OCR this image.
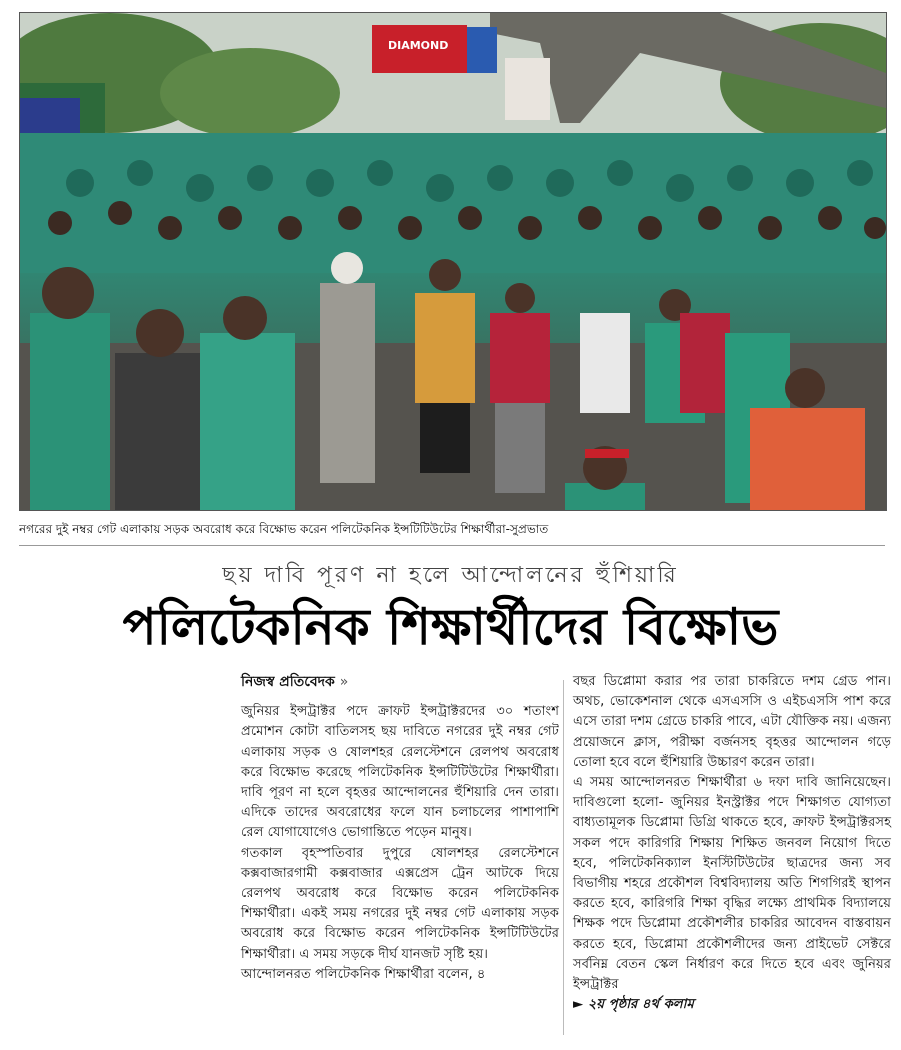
DIAMOND
নগরের দুই নম্বর গেট এলাকায় সড়ক অবরোধ করে বিক্ষোভ করেন পলিটেকনিক ইন্সটিটিউটের শিক্ষার্থীরা-সুপ্রভাত
ছয় দাবি পূরণ না হলে আন্দোলনের হুঁশিয়ারি
পলিটেকনিক শিক্ষার্থীদের বিক্ষোভ

নিজস্ব প্রতিবেদক »

জুনিয়র ইন্সট্রাক্টর পদে ক্রাফট ইন্সট্রাক্টরদের ৩০ শতাংশ প্রমোশন কোটা বাতিলসহ ছয় দাবিতে নগরের দুই নম্বর গেট এলাকায় সড়ক ও ষোলশহর রেলস্টেশনে রেলপথ অবরোধ করে বিক্ষোভ করেছে পলিটেকনিক ইন্সটিটিউটের শিক্ষার্থীরা। দাবি পূরণ না হলে বৃহত্তর আন্দোলনের হুঁশিয়ারি দেন তারা। এদিকে তাদের অবরোধের ফলে যান চলাচলের পাশাপাশি রেল যোগাযোগেও ভোগান্তিতে পড়েন মানুষ।

গতকাল বৃহস্পতিবার দুপুরে ষোলশহর রেলস্টেশনে কক্সবাজারগামী কক্সবাজার এক্সপ্রেস ট্রেন আটকে দিয়ে রেলপথ অবরোধ করে বিক্ষোভ করেন পলিটেকনিক শিক্ষার্থীরা। একই সময় নগরের দুই নম্বর গেট এলাকায় সড়ক অবরোধ করে বিক্ষোভ করেন পলিটেকনিক ইন্সটিটিউটের শিক্ষার্থীরা। এ সময় সড়কে দীর্ঘ যানজট সৃষ্টি হয়।

আন্দোলনরত পলিটেকনিক শিক্ষার্থীরা বলেন, ৪

বছর ডিপ্লোমা করার পর তারা চাকরিতে দশম গ্রেড পান। অথচ, ভোকেশনাল থেকে এসএসসি ও এইচএসসি পাশ করে এসে তারা দশম গ্রেডে চাকরি পাবে, এটা যৌক্তিক নয়। এজন্য প্রয়োজনে ক্লাস, পরীক্ষা বর্জনসহ বৃহত্তর আন্দোলন গড়ে তোলা হবে বলে হুঁশিয়ারি উচ্চারণ করেন তারা।

এ সময় আন্দোলনরত শিক্ষার্থীরা ৬ দফা দাবি জানিয়েছেন। দাবিগুলো হলো- জুনিয়র ইনস্ট্রাক্টর পদে শিক্ষাগত যোগ্যতা বাধ্যতামূলক ডিপ্লোমা ডিগ্রি থাকতে হবে, ক্রাফট ইন্সট্রাক্টরসহ সকল পদে কারিগরি শিক্ষায় শিক্ষিত জনবল নিয়োগ দিতে হবে, পলিটেকনিক্যাল ইনস্টিটিউটের ছাত্রদের জন্য সব বিভাগীয় শহরে প্রকৌশল বিশ্ববিদ্যালয় অতি শিগগিরই স্থাপন করতে হবে, কারিগরি শিক্ষা বৃদ্ধির লক্ষ্যে প্রাথমিক বিদ্যালয়ে শিক্ষক পদে ডিপ্লোমা প্রকৌশলীর চাকরির আবেদন বাস্তবায়ন করতে হবে, ডিপ্লোমা প্রকৌশলীদের জন্য প্রাইভেট সেক্টরে সর্বনিম্ন বেতন স্কেল নির্ধারণ করে দিতে হবে এবং জুনিয়র ইন্সট্রাক্টর

► ২য় পৃষ্ঠার ৪র্থ কলাম
